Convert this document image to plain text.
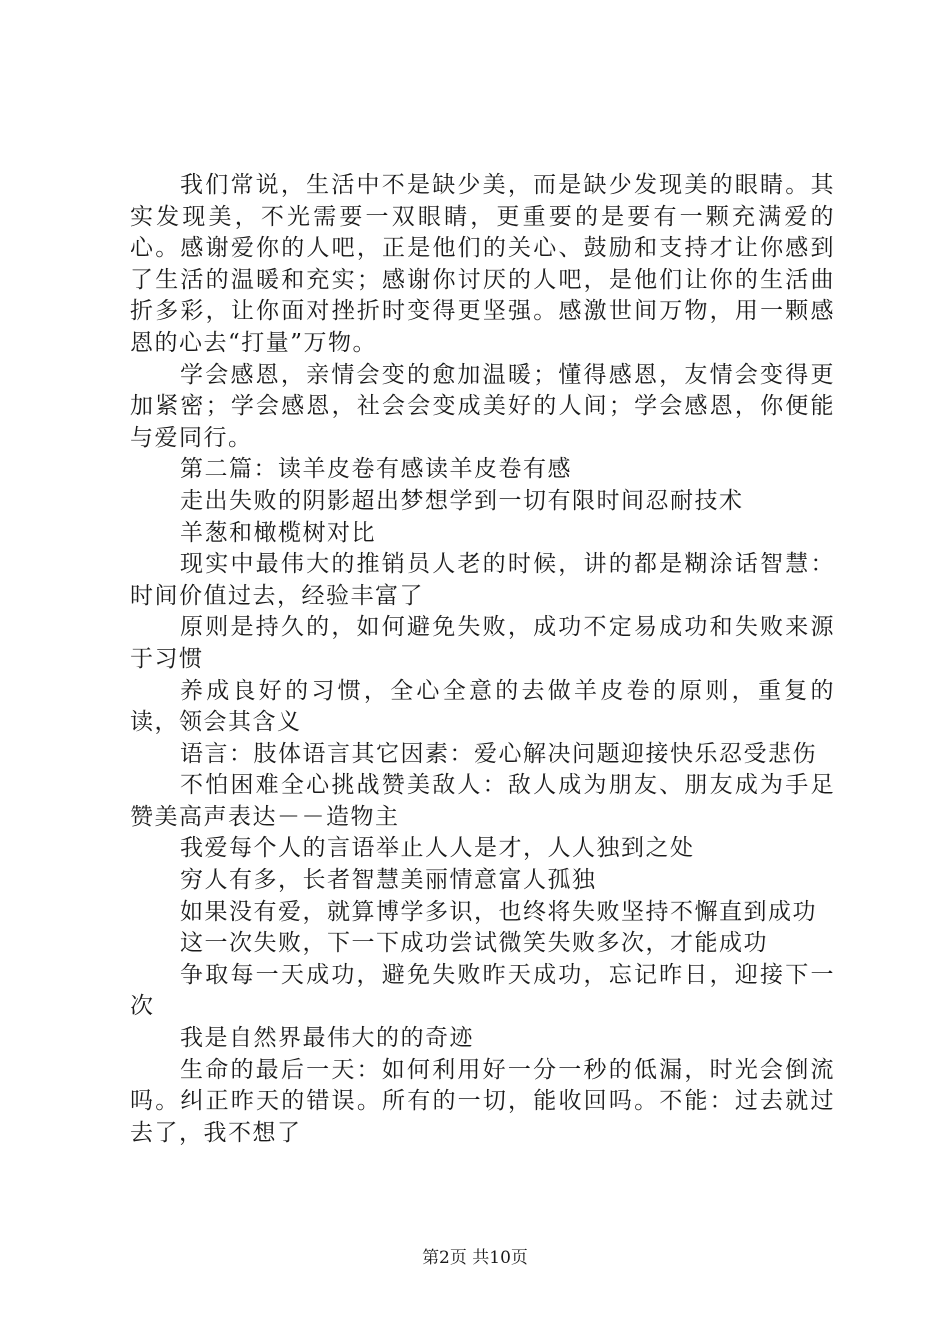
我们常说，生活中不是缺少美，而是缺少发现美的眼睛。其实发现美，不光需要一双眼睛，更重要的是要有一颗充满爱的心。感谢爱你的人吧，正是他们的关心、鼓励和支持才让你感到了生活的温暖和充实；感谢你讨厌的人吧，是他们让你的生活曲折多彩，让你面对挫折时变得更坚强。感激世间万物，用一颗感恩的心去“打量”万物。

学会感恩，亲情会变的愈加温暖；懂得感恩，友情会变得更加紧密；学会感恩，社会会变成美好的人间；学会感恩，你便能与爱同行。

第二篇：读羊皮卷有感读羊皮卷有感

走出失败的阴影超出梦想学到一切有限时间忍耐技术

羊葱和橄榄树对比

现实中最伟大的推销员人老的时候，讲的都是糊涂话智慧：时间价值过去，经验丰富了

原则是持久的，如何避免失败，成功不定易成功和失败来源于习惯

养成良好的习惯，全心全意的去做羊皮卷的原则，重复的读，领会其含义

语言：肢体语言其它因素：爱心解决问题迎接快乐忍受悲伤

不怕困难全心挑战赞美敌人：敌人成为朋友、朋友成为手足赞美高声表达－－造物主

我爱每个人的言语举止人人是才，人人独到之处

穷人有多，长者智慧美丽情意富人孤独

如果没有爱，就算博学多识，也终将失败坚持不懈直到成功

这一次失败，下一下成功尝试微笑失败多次，才能成功

争取每一天成功，避免失败昨天成功，忘记昨日，迎接下一次

我是自然界最伟大的的奇迹

生命的最后一天：如何利用好一分一秒的低漏，时光会倒流吗。纠正昨天的错误。所有的一切，能收回吗。不能：过去就过去了，我不想了

第2页 共10页
